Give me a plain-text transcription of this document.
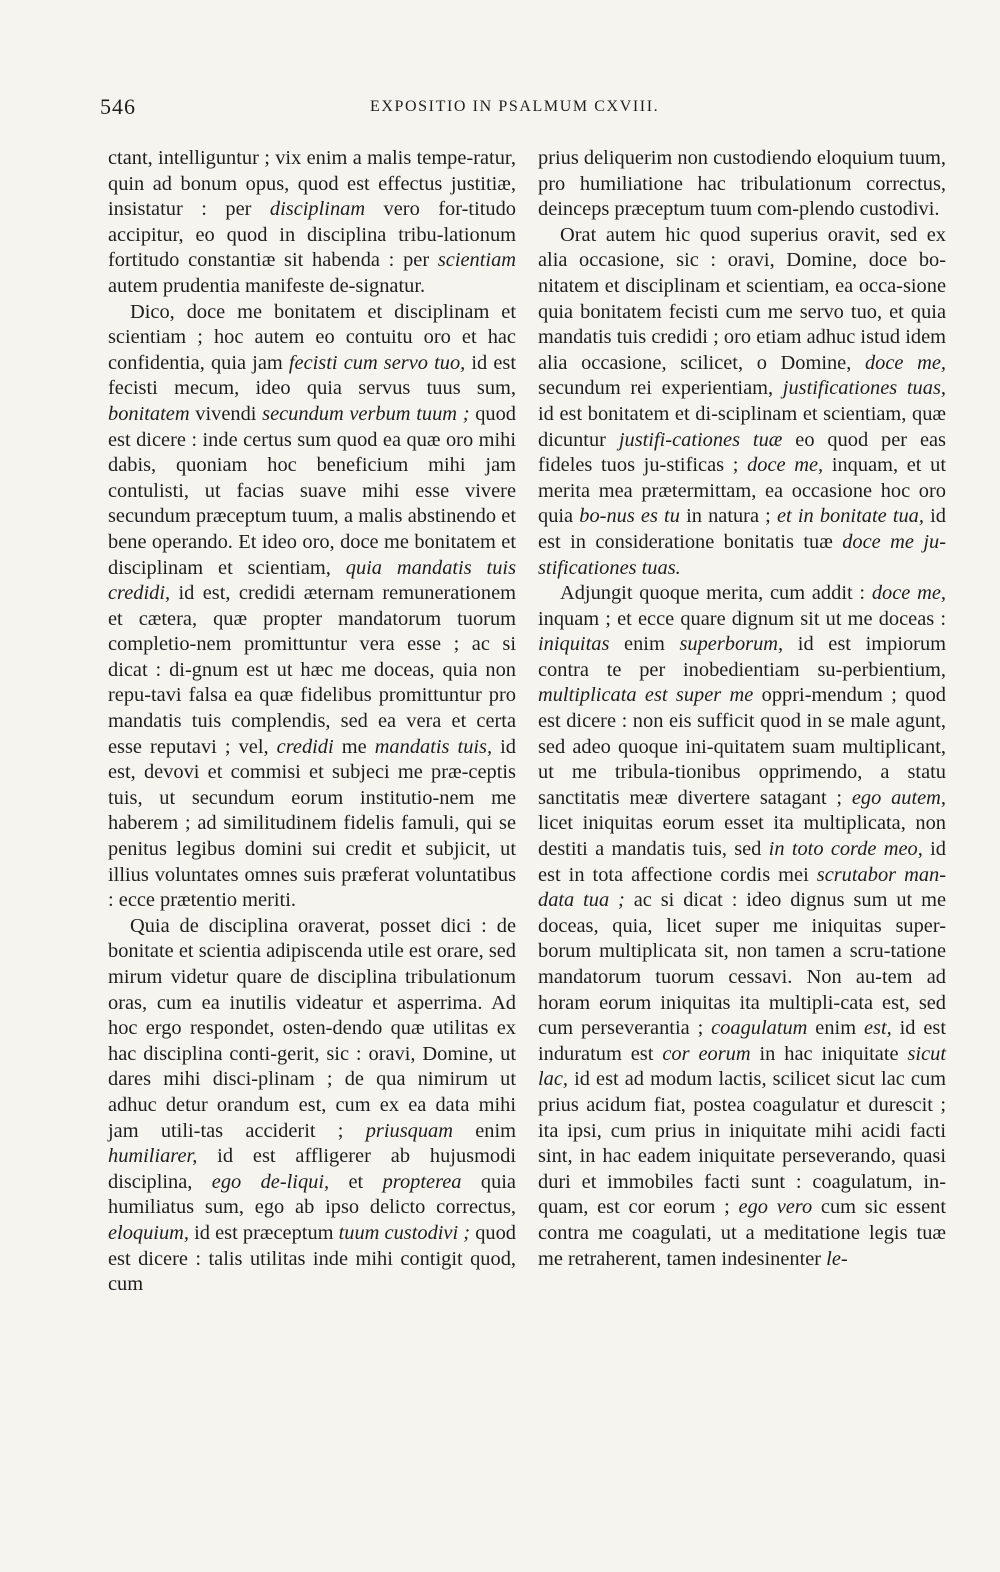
546	EXPOSITIO IN PSALMUM CXVIII.

ctant, intelliguntur ; vix enim a malis tempe-ratur, quin ad bonum opus, quod est effectus justitiæ, insistatur : per disciplinam vero for-titudo accipitur, eo quod in disciplina tribu-lationum fortitudo constantiæ sit habenda : per scientiam autem prudentia manifeste de-signatur.

Dico, doce me bonitatem et disciplinam et scientiam ; hoc autem eo contuitu oro et hac confidentia, quia jam fecisti cum servo tuo, id est fecisti mecum, ideo quia servus tuus sum, bonitatem vivendi secundum verbum tuum ; quod est dicere : inde certus sum quod ea quæ oro mihi dabis, quoniam hoc beneficium mihi jam contulisti, ut facias suave mihi esse vivere secundum præceptum tuum, a malis abstinendo et bene operando. Et ideo oro, doce me bonitatem et disciplinam et scientiam, quia mandatis tuis credidi, id est, credidi æternam remunerationem et cætera, quæ propter mandatorum tuorum completio-nem promittuntur vera esse ; ac si dicat : di-gnum est ut hæc me doceas, quia non repu-tavi falsa ea quæ fidelibus promittuntur pro mandatis tuis complendis, sed ea vera et certa esse reputavi ; vel, credidi me mandatis tuis, id est, devovi et commisi et subjeci me præ-ceptis tuis, ut secundum eorum institutio-nem me haberem ; ad similitudinem fidelis famuli, qui se penitus legibus domini sui credit et subjicit, ut illius voluntates omnes suis præferat voluntatibus : ecce prætentio meriti.

Quia de disciplina oraverat, posset dici : de bonitate et scientia adipiscenda utile est orare, sed mirum videtur quare de disciplina tribulationum oras, cum ea inutilis videatur et asperrima. Ad hoc ergo respondet, osten-dendo quæ utilitas ex hac disciplina conti-gerit, sic : oravi, Domine, ut dares mihi disci-plinam ; de qua nimirum ut adhuc detur orandum est, cum ex ea data mihi jam utili-tas acciderit ; priusquam enim humiliarer, id est affligerer ab hujusmodi disciplina, ego de-liqui, et propterea quia humiliatus sum, ego ab ipso delicto correctus, eloquium, id est præceptum tuum custodivi ; quod est dicere : talis utilitas inde mihi contigit quod, cum

prius deliquerim non custodiendo eloquium tuum, pro humiliatione hac tribulationum correctus, deinceps præceptum tuum com-plendo custodivi.

Orat autem hic quod superius oravit, sed ex alia occasione, sic : oravi, Domine, doce bo-nitatem et disciplinam et scientiam, ea occa-sione quia bonitatem fecisti cum me servo tuo, et quia mandatis tuis credidi ; oro etiam adhuc istud idem alia occasione, scilicet, o Domine, doce me, secundum rei experientiam, justificationes tuas, id est bonitatem et di-sciplinam et scientiam, quæ dicuntur justifi-cationes tuæ eo quod per eas fideles tuos ju-stificas ; doce me, inquam, et ut merita mea prætermittam, ea occasione hoc oro quia bo-nus es tu in natura ; et in bonitate tua, id est in consideratione bonitatis tuæ doce me ju-stificationes tuas.

Adjungit quoque merita, cum addit : doce me, inquam ; et ecce quare dignum sit ut me doceas : iniquitas enim superborum, id est impiorum contra te per inobedientiam su-perbientium, multiplicata est super me oppri-mendum ; quod est dicere : non eis sufficit quod in se male agunt, sed adeo quoque ini-quitatem suam multiplicant, ut me tribula-tionibus opprimendo, a statu sanctitatis meæ divertere satagant ; ego autem, licet iniquitas eorum esset ita multiplicata, non destiti a mandatis tuis, sed in toto corde meo, id est in tota affectione cordis mei scrutabor man-data tua ; ac si dicat : ideo dignus sum ut me doceas, quia, licet super me iniquitas super-borum multiplicata sit, non tamen a scru-tatione mandatorum tuorum cessavi. Non au-tem ad horam eorum iniquitas ita multipli-cata est, sed cum perseverantia ; coagulatum enim est, id est induratum est cor eorum in hac iniquitate sicut lac, id est ad modum lactis, scilicet sicut lac cum prius acidum fiat, postea coagulatur et durescit ; ita ipsi, cum prius in iniquitate mihi acidi facti sint, in hac eadem iniquitate perseverando, quasi duri et immobiles facti sunt : coagulatum, in-quam, est cor eorum ; ego vero cum sic essent contra me coagulati, ut a meditatione legis tuæ me retraherent, tamen indesinenter le-
